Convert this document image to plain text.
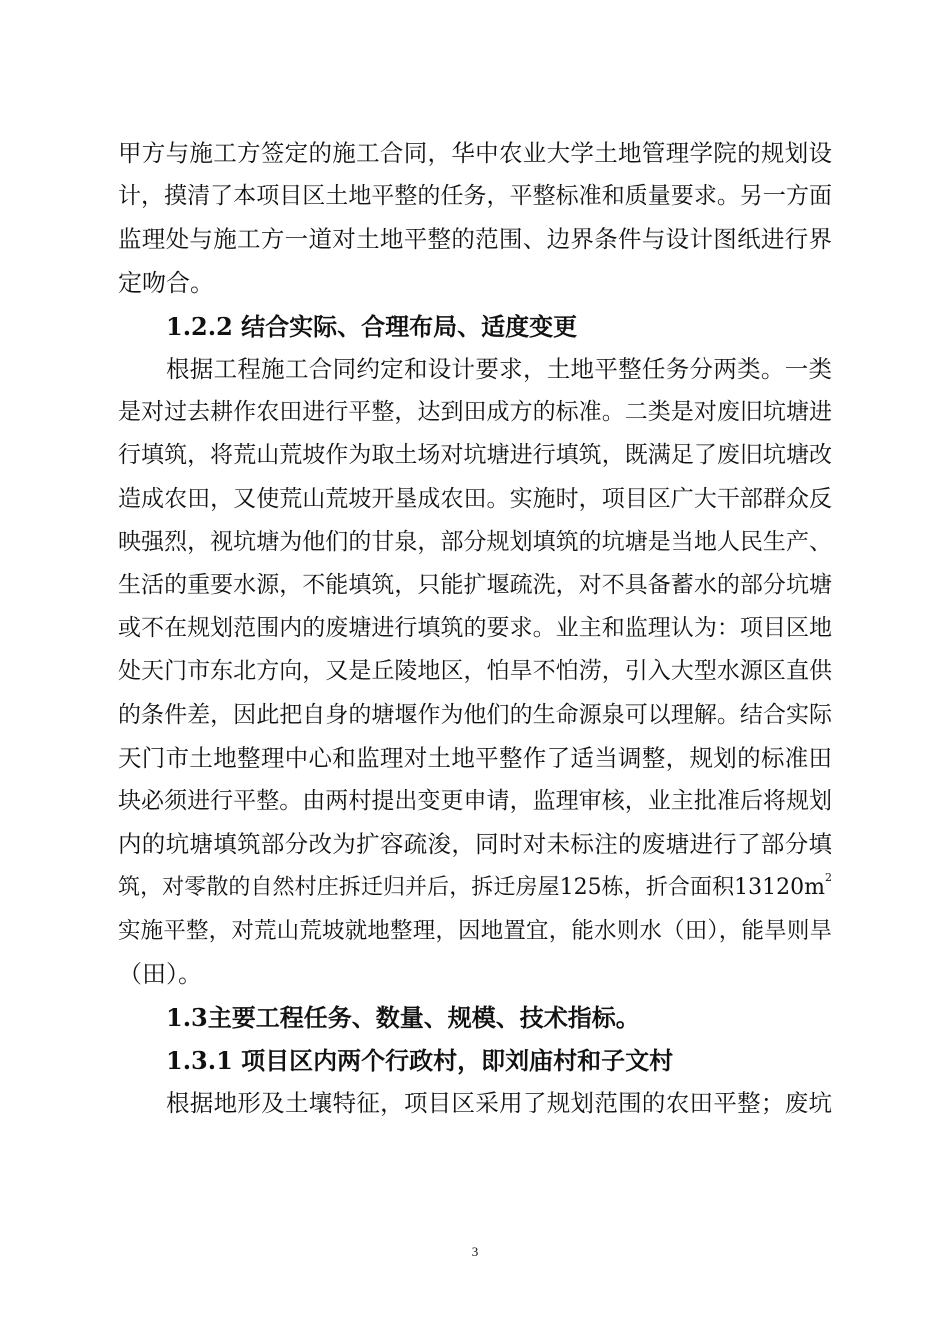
甲方与施工方签定的施工合同，华中农业大学土地管理学院的规划设
计，摸清了本项目区土地平整的任务，平整标准和质量要求。另一方面
监理处与施工方一道对土地平整的范围、边界条件与设计图纸进行界
定吻合。
1.2.2 结合实际、合理布局、适度变更
根据工程施工合同约定和设计要求，土地平整任务分两类。一类
是对过去耕作农田进行平整，达到田成方的标准。二类是对废旧坑塘进
行填筑，将荒山荒坡作为取土场对坑塘进行填筑，既满足了废旧坑塘改
造成农田，又使荒山荒坡开垦成农田。实施时，项目区广大干部群众反
映强烈，视坑塘为他们的甘泉，部分规划填筑的坑塘是当地人民生产、
生活的重要水源，不能填筑，只能扩堰疏洗，对不具备蓄水的部分坑塘
或不在规划范围内的废塘进行填筑的要求。业主和监理认为：项目区地
处天门市东北方向，又是丘陵地区，怕旱不怕涝，引入大型水源区直供
的条件差，因此把自身的塘堰作为他们的生命源泉可以理解。结合实际
天门市土地整理中心和监理对土地平整作了适当调整，规划的标准田
块必须进行平整。由两村提出变更申请，监理审核，业主批准后将规划
内的坑塘填筑部分改为扩容疏浚，同时对未标注的废塘进行了部分填
筑，对零散的自然村庄拆迁归并后，拆迁房屋125栋，折合面积$13120m^2$
实施平整，对荒山荒坡就地整理，因地置宜，能水则水（田），能旱则旱
（田）。
1.3主要工程任务、数量、规模、技术指标。
1.3.1 项目区内两个行政村，即刘庙村和子文村
根据地形及土壤特征，项目区采用了规划范围的农田平整；废坑
3
